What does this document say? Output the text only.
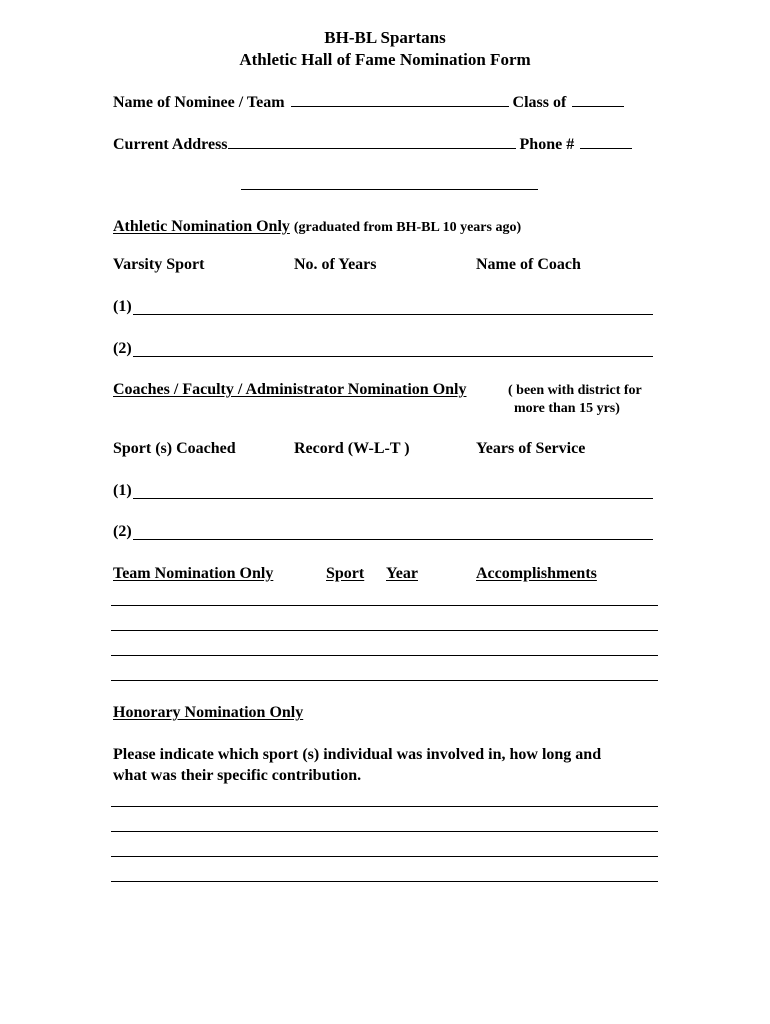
BH-BL Spartans
Athletic Hall of Fame Nomination Form
Name of Nominee / Team	Class of
Current Address	Phone #
Athletic Nomination Only (graduated from BH-BL 10 years ago)
Varsity Sport	No. of Years	Name of Coach
(1)
(2)
Coaches / Faculty / Administrator Nomination Only	( been with district for
more than 15 yrs)
Sport (s) Coached	Record (W-L-T )	Years of Service
(1)
(2)
Team Nomination Only	Sport Year	Accomplishments
Honorary Nomination Only
Please indicate which sport (s) individual was involved in, how long and
what was their specific contribution.
